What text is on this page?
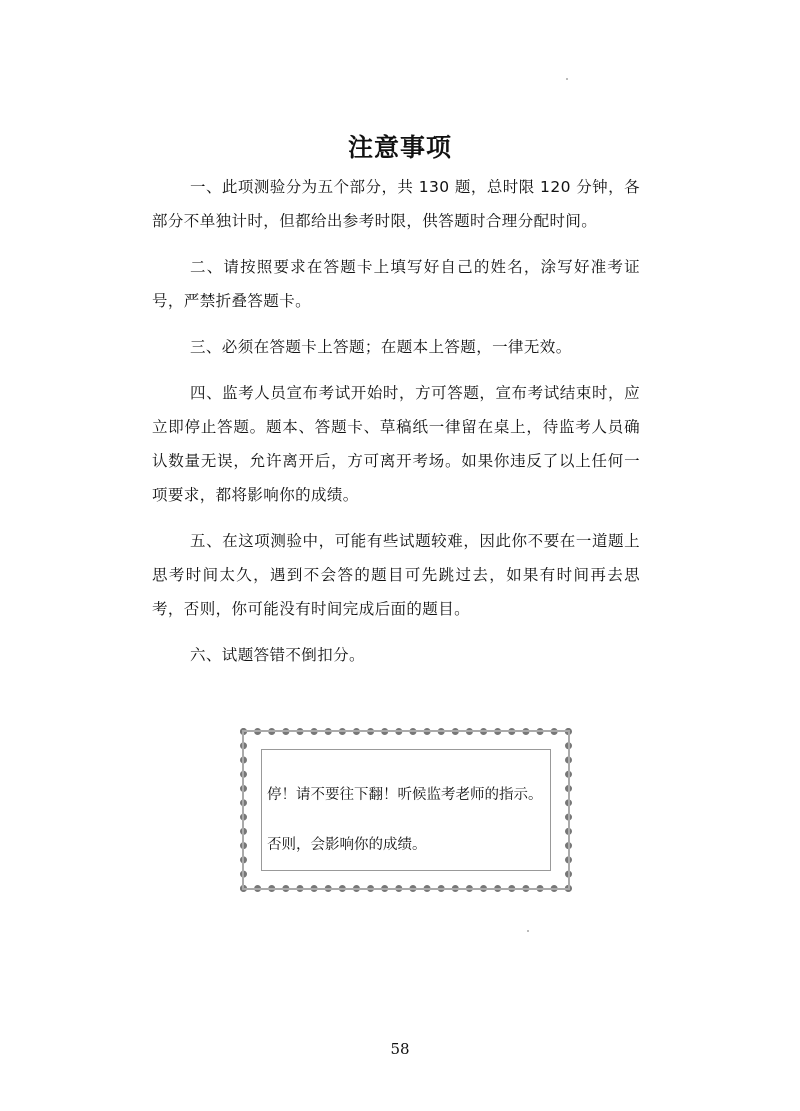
注意事项

一、此项测验分为五个部分，共 130 题，总时限 120 分钟，各部分不单独计时，但都给出参考时限，供答题时合理分配时间。

二、请按照要求在答题卡上填写好自己的姓名，涂写好准考证号，严禁折叠答题卡。

三、必须在答题卡上答题；在题本上答题，一律无效。

四、监考人员宣布考试开始时，方可答题，宣布考试结束时，应立即停止答题。题本、答题卡、草稿纸一律留在桌上，待监考人员确认数量无误，允许离开后，方可离开考场。如果你违反了以上任何一项要求，都将影响你的成绩。

五、在这项测验中，可能有些试题较难，因此你不要在一道题上思考时间太久，遇到不会答的题目可先跳过去，如果有时间再去思考，否则，你可能没有时间完成后面的题目。

六、试题答错不倒扣分。

停！请不要往下翻！听候监考老师的指示。
否则，会影响你的成绩。
58
